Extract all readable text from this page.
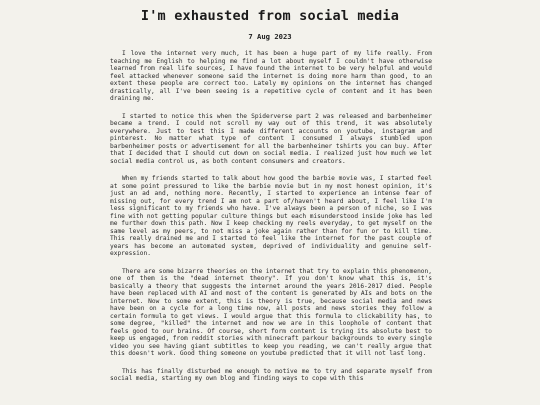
I'm exhausted from social media
7 Aug 2023

I love the internet very much, it has been a huge part of my life really. From teaching me English to helping me find a lot about myself I couldn't have otherwise learned from real life sources, I have found the internet to be very helpful and would feel attacked whenever someone said the internet is doing more harm than good, to an extent these people are correct too. Lately my opinions on the internet has changed drastically, all I've been seeing is a repetitive cycle of content and it has been draining me.

I started to notice this when the Spiderverse part 2 was released and barbenheimer became a trend. I could not scroll my way out of this trend, it was absolutely everywhere. Just to test this I made different accounts on youtube, instagram and pinterest. No matter what type of content I consumed I always stumbled upon barbenheimer posts or advertisement for all the barbenheimer tshirts you can buy. After that I decided that I should cut down on social media. I realized just how much we let social media control us, as both content consumers and creators.

When my friends started to talk about how good the barbie movie was, I started feel at some point pressured to like the barbie movie but in my most honest opinion, it's just an ad and, nothing more. Recently, I started to experience an intense fear of missing out, for every trend I am not a part of/haven't heard about, I feel like I'm less significant to my friends who have. I've always been a person of niche, so I was fine with not getting popular culture things but each misunderstood inside joke has led me further down this path. Now I keep checking my reels everyday, to get myself on the same level as my peers, to not miss a joke again rather than for fun or to kill time. This really drained me and I started to feel like the internet for the past couple of years has become an automated system, deprived of individuality and genuine self-expression.

There are some bizarre theories on the internet that try to explain this phenomenon, one of them is the "dead internet theory". If you don't know what this is, it's basically a theory that suggests the internet around the years 2016-2017 died. People have been replaced with AI and most of the content is generated by AIs and bots on the internet. Now to some extent, this is theory is true, because social media and news have been on a cycle for a long time now, all posts and news stories they follow a certain formula to get views. I would argue that this formula to clickability has, to some degree, "killed" the internet and now we are in this loophole of content that feels good to our brains. Of course, short form content is trying its absolute best to keep us engaged, from reddit stories with minecraft parkour backgrounds to every single video you see having giant subtitles to keep you reading, we can't really argue that this doesn't work. Good thing someone on youtube predicted that it will not last long.

This has finally disturbed me enough to motive me to try and separate myself from social media, starting my own blog and finding ways to cope with this
